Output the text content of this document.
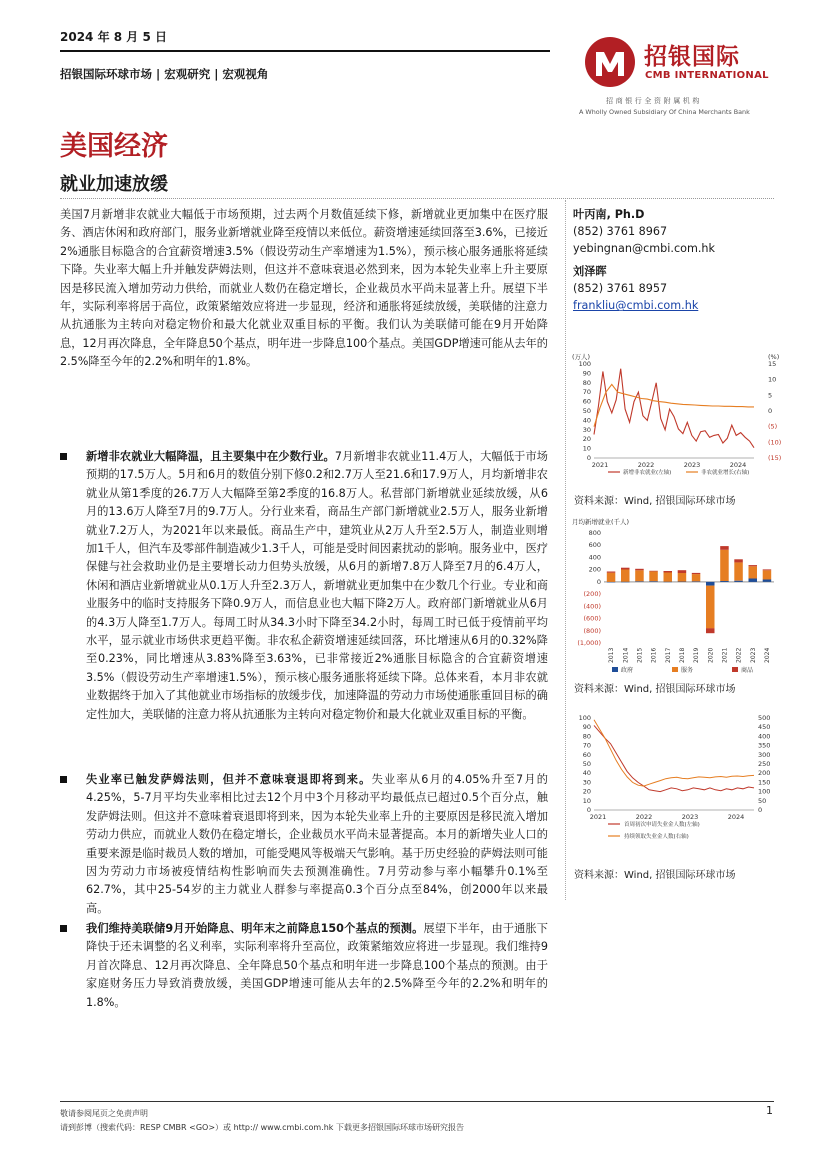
2024 年 8 月 5 日
招银国际环球市场 | 宏观研究 | 宏观视角
招银国际
CMB INTERNATIONAL
招商银行全资附属机构
A Wholly Owned Subsidiary Of China Merchants Bank
美国经济
就业加速放缓
美国7月新增非农就业大幅低于市场预期，过去两个月数值延续下修，新增就业更加集中在医疗服务、酒店休闲和政府部门，服务业新增就业降至疫情以来低位。薪资增速延续回落至3.6%，已接近2%通胀目标隐含的合宜薪资增速3.5%（假设劳动生产率增速为1.5%），预示核心服务通胀将延续下降。失业率大幅上升并触发萨姆法则，但这并不意味衰退必然到来，因为本轮失业率上升主要原因是移民流入增加劳动力供给，而就业人数仍在稳定增长，企业裁员水平尚未显著上升。展望下半年，实际利率将居于高位，政策紧缩效应将进一步显现，经济和通胀将延续放缓，美联储的注意力从抗通胀为主转向对稳定物价和最大化就业双重目标的平衡。我们认为美联储可能在9月开始降息，12月再次降息，全年降息50个基点，明年进一步降息100个基点。美国GDP增速可能从去年的2.5%降至今年的2.2%和明年的1.8%。
新增非农就业大幅降温，且主要集中在少数行业。7月新增非农就业11.4万人，大幅低于市场预期的17.5万人。5月和6月的数值分别下修0.2和2.7万人至21.6和17.9万人，月均新增非农就业从第1季度的26.7万人大幅降至第2季度的16.8万人。私营部门新增就业延续放缓，从6月的13.6万人降至7月的9.7万人。分行业来看，商品生产部门新增就业2.5万人，服务业新增就业7.2万人，为2021年以来最低。商品生产中，建筑业从2万人升至2.5万人，制造业则增加1千人，但汽车及零部件制造减少1.3千人，可能是受时间因素扰动的影响。服务业中，医疗保健与社会救助业仍是主要增长动力但势头放缓，从6月的新增7.8万人降至7月的6.4万人，休闲和酒店业新增就业从0.1万人升至2.3万人，新增就业更加集中在少数几个行业。专业和商业服务中的临时支持服务下降0.9万人，而信息业也大幅下降2万人。政府部门新增就业从6月的4.3万人降至1.7万人。每周工时从34.3小时下降至34.2小时，每周工时已低于疫情前平均水平，显示就业市场供求更趋平衡。非农私企薪资增速延续回落，环比增速从6月的0.32%降至0.23%，同比增速从3.83%降至3.63%，已非常接近2%通胀目标隐含的合宜薪资增速3.5%（假设劳动生产率增速1.5%），预示核心服务通胀将延续下降。总体来看，本月非农就业数据终于加入了其他就业市场指标的放缓步伐，加速降温的劳动力市场使通胀重回目标的确定性加大，美联储的注意力将从抗通胀为主转向对稳定物价和最大化就业双重目标的平衡。
失业率已触发萨姆法则，但并不意味衰退即将到来。失业率从6月的4.05%升至7月的4.25%，5-7月平均失业率相比过去12个月中3个月移动平均最低点已超过0.5个百分点，触发萨姆法则。但这并不意味着衰退即将到来，因为本轮失业率上升的主要原因是移民流入增加劳动力供应，而就业人数仍在稳定增长，企业裁员水平尚未显著提高。本月的新增失业人口的重要来源是临时裁员人数的增加，可能受飓风等极端天气影响。基于历史经验的萨姆法则可能因为劳动力市场被疫情结构性影响而失去预测准确性。7月劳动参与率小幅攀升0.1%至62.7%，其中25-54岁的主力就业人群参与率提高0.3个百分点至84%，创2000年以来最高。
我们维持美联储9月开始降息、明年末之前降息150个基点的预测。展望下半年，由于通胀下降快于还未调整的名义利率，实际利率将升至高位，政策紧缩效应将进一步显现。我们维持9月首次降息、12月再次降息、全年降息50个基点和明年进一步降息100个基点的预测。由于家庭财务压力导致消费放缓，美国GDP增速可能从去年的2.5%降至今年的2.2%和明年的1.8%。
叶丙南, Ph.D
(852) 3761 8967
yebingnan@cmbi.com.hk
刘泽晖
(852) 3761 8957
frankliu@cmbi.com.hk
(万人)	(%)
100
90
80
70
60
50
40
30
20
10
0
15
10
5
0
(5)
(10)
(15)
2021	2022	2023	2024
新增非农就业(左轴)	非农就业增长(右轴)
资料来源：Wind, 招银国际环球市场
月均新增就业(千人)
800
600
400
200
0
(200)
(400)
(600)
(800)
(1,000)
2013 2014 2015 2016 2017 2018 2019 2020 2021 2022 2023 2024
政府	服务	商品
资料来源：Wind, 招银国际环球市场
100
90
80
70
60
50
40
30
20
10
0
500
450
400
350
300
250
200
150
100
50
0
2021	2022	2023	2024
首周初次申请失业金人数(左轴)
持续领取失业金人数(右轴)
资料来源：Wind, 招银国际环球市场
敬请参阅尾页之免责声明
请到彭博（搜索代码：RESP CMBR <GO>）或 http:// www.cmbi.com.hk 下载更多招银国际环球市场研究报告
1
